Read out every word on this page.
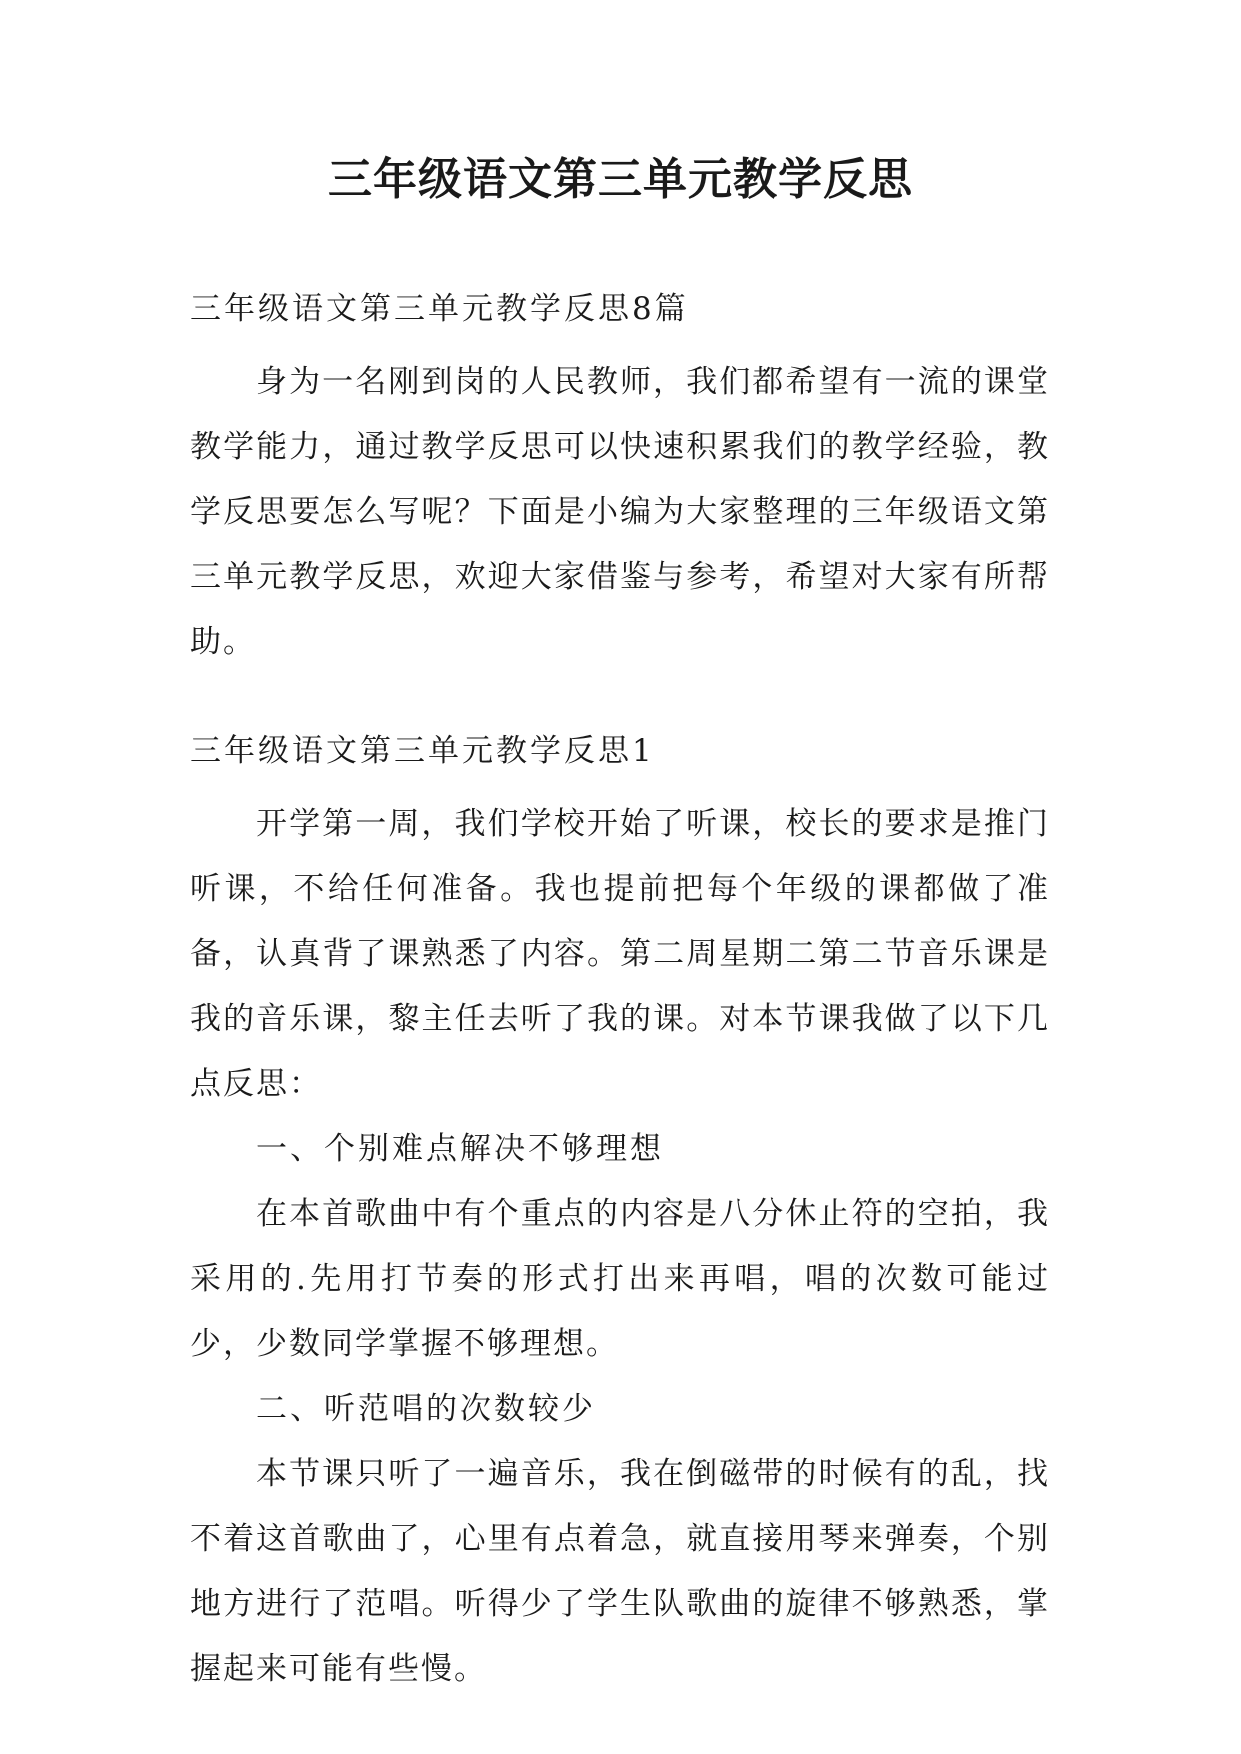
三年级语文第三单元教学反思

三年级语文第三单元教学反思8篇

身为一名刚到岗的人民教师，我们都希望有一流的课堂教学能力，通过教学反思可以快速积累我们的教学经验，教学反思要怎么写呢？下面是小编为大家整理的三年级语文第三单元教学反思，欢迎大家借鉴与参考，希望对大家有所帮助。

三年级语文第三单元教学反思1

开学第一周，我们学校开始了听课，校长的要求是推门听课，不给任何准备。我也提前把每个年级的课都做了准备，认真背了课熟悉了内容。第二周星期二第二节音乐课是我的音乐课，黎主任去听了我的课。对本节课我做了以下几点反思：

一、个别难点解决不够理想

在本首歌曲中有个重点的内容是八分休止符的空拍，我采用的.先用打节奏的形式打出来再唱，唱的次数可能过少，少数同学掌握不够理想。

二、听范唱的次数较少

本节课只听了一遍音乐，我在倒磁带的时候有的乱，找不着这首歌曲了，心里有点着急，就直接用琴来弹奏，个别地方进行了范唱。听得少了学生队歌曲的旋律不够熟悉，掌握起来可能有些慢。
